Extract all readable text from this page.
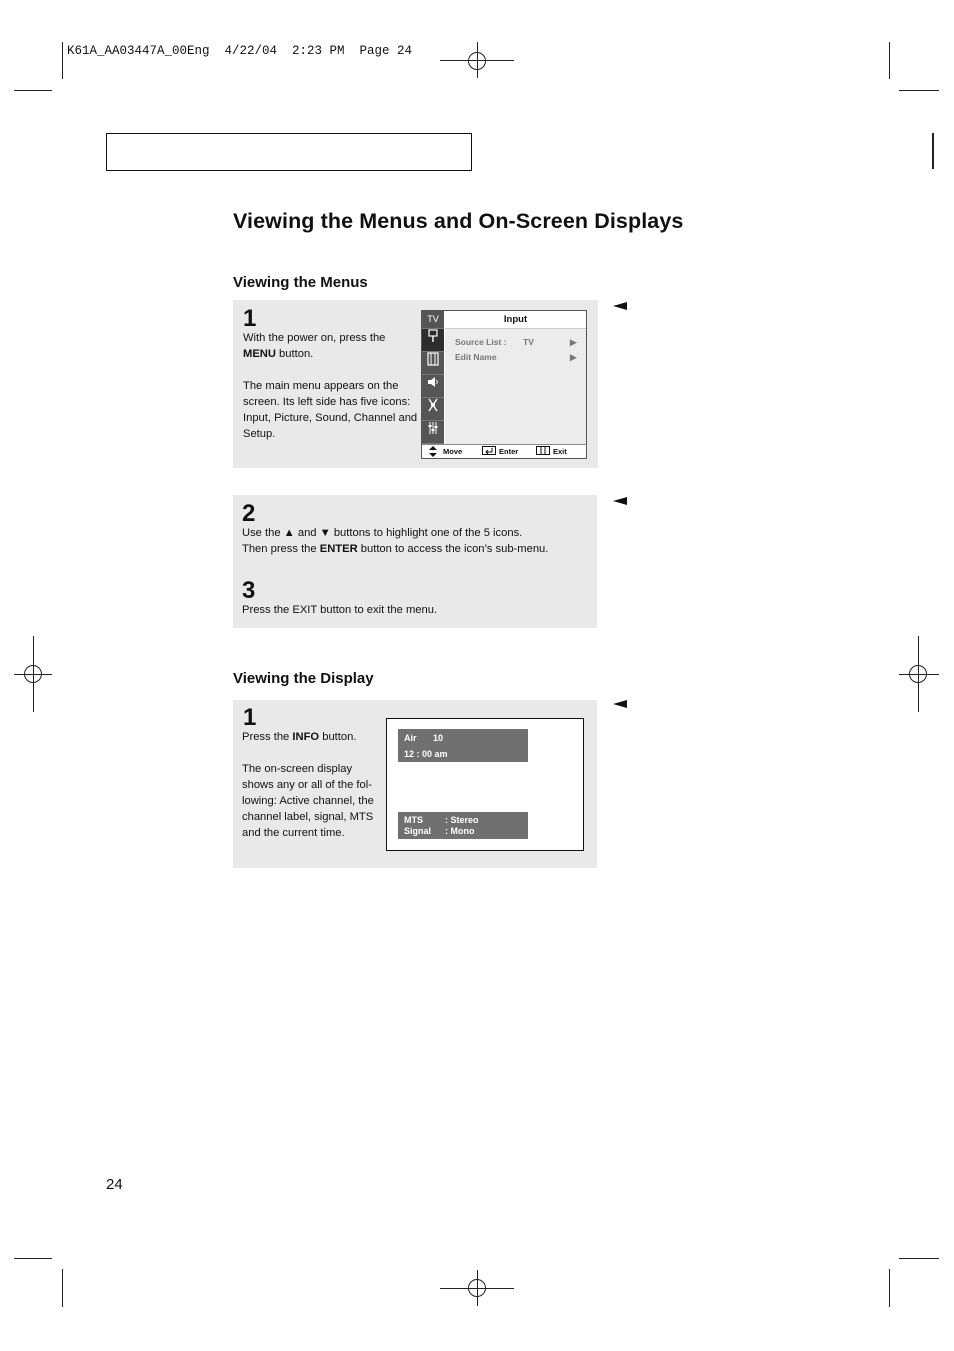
K61A_AA03447A_00Eng  4/22/04  2:23 PM  Page 24
Viewing the Menus and On-Screen Displays
Viewing the Menus
1
With the power on, press the
MENU button.
The main menu appears on the
screen. Its left side has five icons:
Input, Picture, Sound, Channel and
Setup.
TV	Input
Source List : TV	▶
Edit Name	▶
Move	Enter	Exit
2
Use the ▲ and ▼ buttons to highlight one of the 5 icons.
Then press the ENTER button to access the icon’s sub-menu.
3
Press the EXIT button to exit the menu.
Viewing the Display
1
Press the INFO button.
The on-screen display
shows any or all of the fol-
lowing: Active channel, the
channel label, signal, MTS
and the current time.
Air 10
12 : 00 am
MTS : Stereo
Signal : Mono
24
